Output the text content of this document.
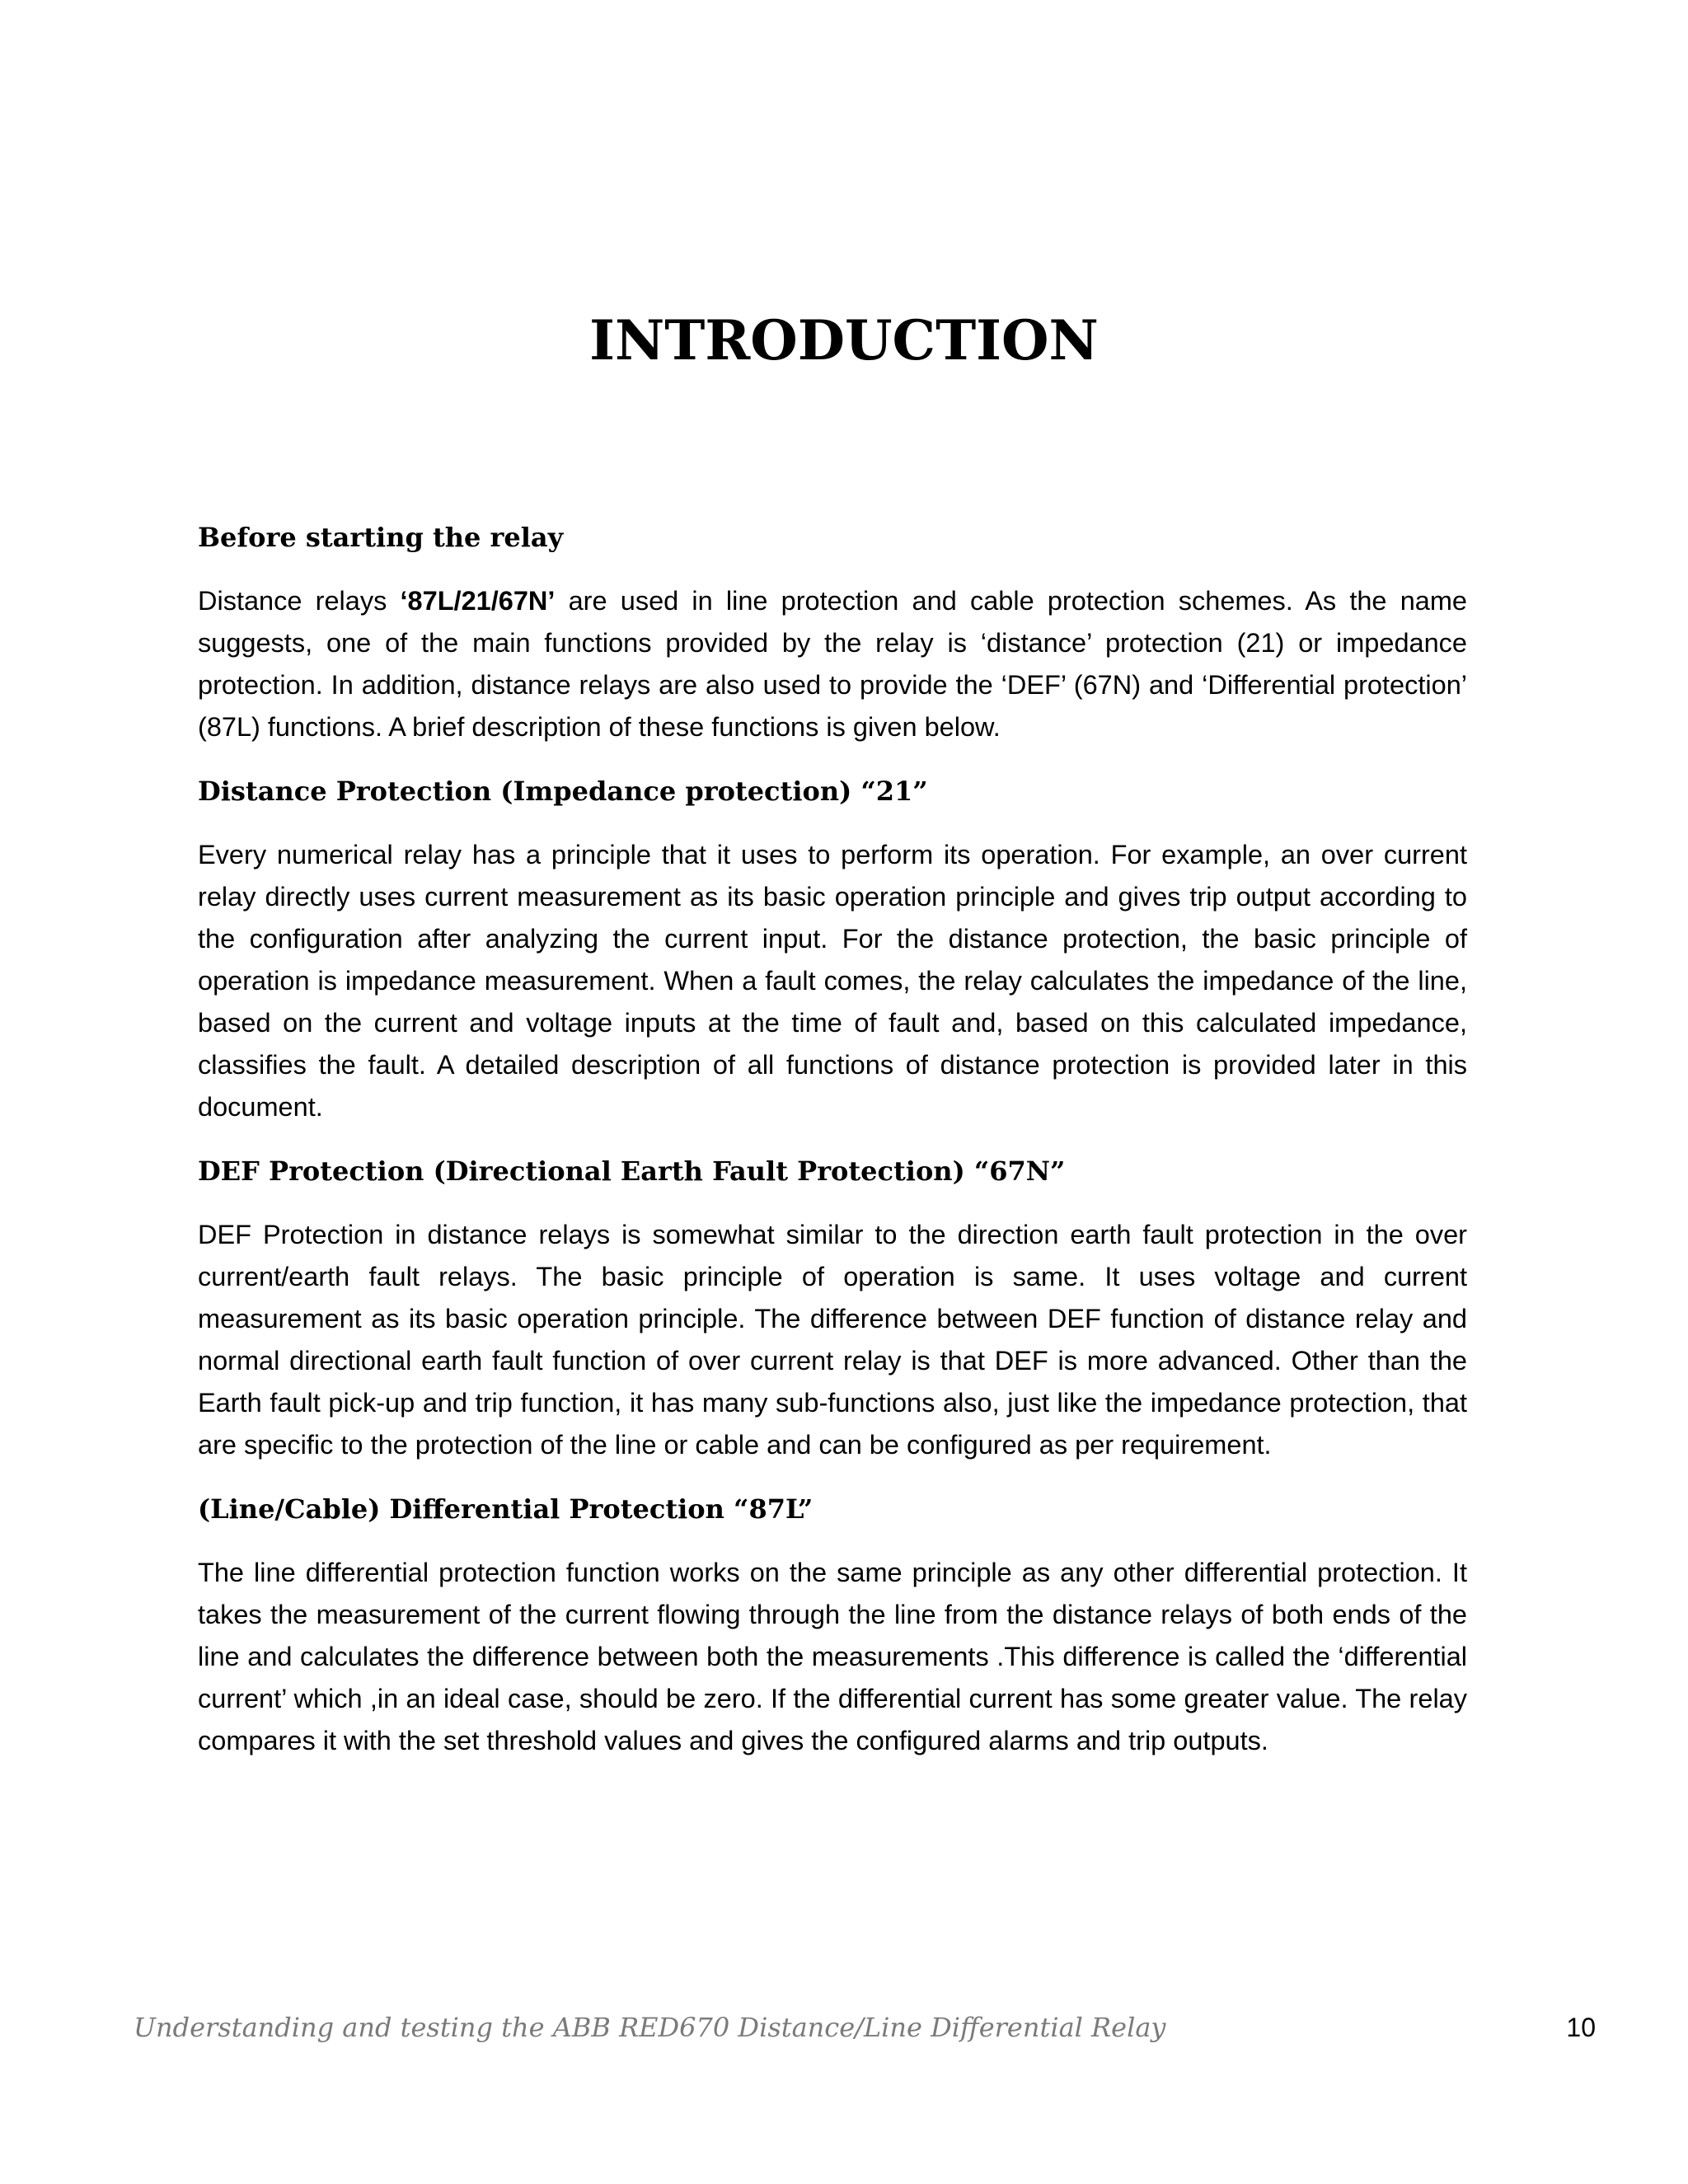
INTRODUCTION
Before starting the relay

Distance relays ‘87L/21/67N’ are used in line protection and cable protection schemes. As the name suggests, one of the main functions provided by the relay is ‘distance’ protection (21) or impedance protection. In addition, distance relays are also used to provide the ‘DEF’ (67N) and ‘Differential protection’ (87L) functions. A brief description of these functions is given below.

Distance Protection (Impedance protection) “21”

Every numerical relay has a principle that it uses to perform its operation. For example, an over current relay directly uses current measurement as its basic operation principle and gives trip output according to the configuration after analyzing the current input. For the distance protection, the basic principle of operation is impedance measurement. When a fault comes, the relay calculates the impedance of the line, based on the current and voltage inputs at the time of fault and, based on this calculated impedance, classifies the fault. A detailed description of all functions of distance protection is provided later in this document.

DEF Protection (Directional Earth Fault Protection) “67N”

DEF Protection in distance relays is somewhat similar to the direction earth fault protection in the over current/earth fault relays. The basic principle of operation is same. It uses voltage and current measurement as its basic operation principle. The difference between DEF function of distance relay and normal directional earth fault function of over current relay is that DEF is more advanced. Other than the Earth fault pick-up and trip function, it has many sub-functions also, just like the impedance protection, that are specific to the protection of the line or cable and can be configured as per requirement.

(Line/Cable) Differential Protection “87L”

The line differential protection function works on the same principle as any other differential protection. It takes the measurement of the current flowing through the line from the distance relays of both ends of the line and calculates the difference between both the measurements .This difference is called the ‘differential current’ which ,in an ideal case, should be zero. If the differential current has some greater value. The relay compares it with the set threshold values and gives the configured alarms and trip outputs.

Understanding and testing the ABB RED670 Distance/Line Differential Relay	10
